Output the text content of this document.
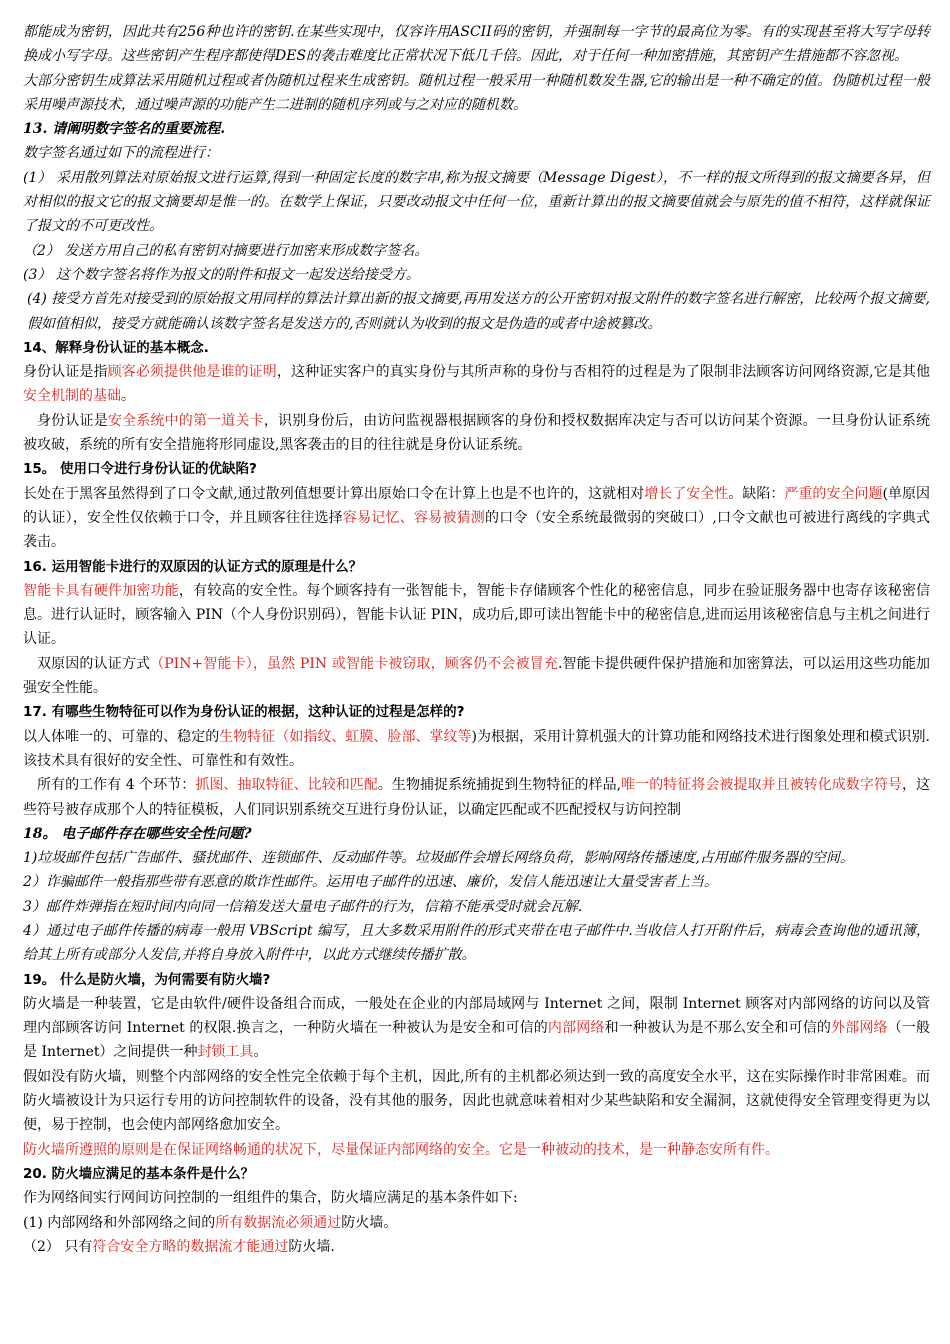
都能成为密钥，因此共有256种也许的密钥.在某些实现中，仅容许用ASCII码的密钥，并强制每一字节的最高位为零。有的实现甚至将大写字母转换成小写字母。这些密钥产生程序都使得DES的袭击难度比正常状况下低几千倍。因此，对于任何一种加密措施，其密钥产生措施都不容忽视。

大部分密钥生成算法采用随机过程或者伪随机过程来生成密钥。随机过程一般采用一种随机数发生器,它的输出是一种不确定的值。伪随机过程一般采用噪声源技术，通过噪声源的功能产生二进制的随机序列或与之对应的随机数。

13. 请阐明数字签名的重要流程.

数字签名通过如下的流程进行：

(1） 采用散列算法对原始报文进行运算,得到一种固定长度的数字串,称为报文摘要（Message Digest），不一样的报文所得到的报文摘要各异，但对相似的报文它的报文摘要却是惟一的。在数学上保证，只要改动报文中任何一位，重新计算出的报文摘要值就会与原先的值不相符，这样就保证了报文的不可更改性。

（2） 发送方用自己的私有密钥对摘要进行加密来形成数字签名。

(3） 这个数字签名将作为报文的附件和报文一起发送给接受方。

(4) 接受方首先对接受到的原始报文用同样的算法计算出新的报文摘要,再用发送方的公开密钥对报文附件的数字签名进行解密，比较两个报文摘要,假如值相似，接受方就能确认该数字签名是发送方的,否则就认为收到的报文是伪造的或者中途被篡改。

14、解释身份认证的基本概念.

身份认证是指顾客必须提供他是谁的证明，这种证实客户的真实身份与其所声称的身份与否相符的过程是为了限制非法顾客访问网络资源,它是其他安全机制的基础。

身份认证是安全系统中的第一道关卡，识别身份后，由访问监视器根据顾客的身份和授权数据库决定与否可以访问某个资源。一旦身份认证系统被攻破，系统的所有安全措施将形同虚设,黑客袭击的目的往往就是身份认证系统。

15。 使用口令进行身份认证的优缺陷?

长处在于黑客虽然得到了口令文献,通过散列值想要计算出原始口令在计算上也是不也许的，这就相对增长了安全性。缺陷：严重的安全问题(单原因的认证），安全性仅依赖于口令，并且顾客往往选择容易记忆、容易被猜测的口令（安全系统最微弱的突破口）,口令文献也可被进行离线的字典式袭击。

16. 运用智能卡进行的双原因的认证方式的原理是什么？

智能卡具有硬件加密功能，有较高的安全性。每个顾客持有一张智能卡，智能卡存储顾客个性化的秘密信息，同步在验证服务器中也寄存该秘密信息。进行认证时，顾客输入 PIN（个人身份识别码），智能卡认证 PIN，成功后,即可读出智能卡中的秘密信息,进而运用该秘密信息与主机之间进行认证。

双原因的认证方式（PIN+智能卡），虽然 PIN 或智能卡被窃取，顾客仍不会被冒充.智能卡提供硬件保护措施和加密算法，可以运用这些功能加强安全性能。

17. 有哪些生物特征可以作为身份认证的根据，这种认证的过程是怎样的?

以人体唯一的、可靠的、稳定的生物特征（如指纹、虹膜、脸部、掌纹等)为根据，采用计算机强大的计算功能和网络技术进行图象处理和模式识别.该技术具有很好的安全性、可靠性和有效性。

所有的工作有 4 个环节：抓图、抽取特征、比较和匹配。生物捕捉系统捕捉到生物特征的样品,唯一的特征将会被提取并且被转化成数字符号，这些符号被存成那个人的特征模板，人们同识别系统交互进行身份认证，以确定匹配或不匹配授权与访问控制

18。 电子邮件存在哪些安全性问题?

1)垃圾邮件包括广告邮件、骚扰邮件、连锁邮件、反动邮件等。垃圾邮件会增长网络负荷，影响网络传播速度,占用邮件服务器的空间。

2）诈骗邮件一般指那些带有恶意的欺诈性邮件。运用电子邮件的迅速、廉价，发信人能迅速让大量受害者上当。

3）邮件炸弹指在短时间内向同一信箱发送大量电子邮件的行为，信箱不能承受时就会瓦解.

4）通过电子邮件传播的病毒一般用 VBScript 编写，且大多数采用附件的形式夹带在电子邮件中.当收信人打开附件后，病毒会查询他的通讯簿，给其上所有或部分人发信,并将自身放入附件中，以此方式继续传播扩散。

19。 什么是防火墙，为何需要有防火墙?

防火墙是一种装置，它是由软件/硬件设备组合而成，一般处在企业的内部局域网与 Internet 之间，限制 Internet 顾客对内部网络的访问以及管理内部顾客访问 Internet 的权限.换言之，一种防火墙在一种被认为是安全和可信的内部网络和一种被认为是不那么安全和可信的外部网络（一般是 Internet）之间提供一种封锁工具。

假如没有防火墙，则整个内部网络的安全性完全依赖于每个主机，因此,所有的主机都必须达到一致的高度安全水平，这在实际操作时非常困难。而防火墙被设计为只运行专用的访问控制软件的设备，没有其他的服务，因此也就意味着相对少某些缺陷和安全漏洞，这就使得安全管理变得更为以便，易于控制，也会使内部网络愈加安全。

防火墙所遵照的原则是在保证网络畅通的状况下，尽量保证内部网络的安全。它是一种被动的技术，是一种静态安所有件。

20. 防火墙应满足的基本条件是什么？

作为网络间实行网间访问控制的一组组件的集合，防火墙应满足的基本条件如下:

(1) 内部网络和外部网络之间的所有数据流必须通过防火墙。

（2） 只有符合安全方略的数据流才能通过防火墙.
